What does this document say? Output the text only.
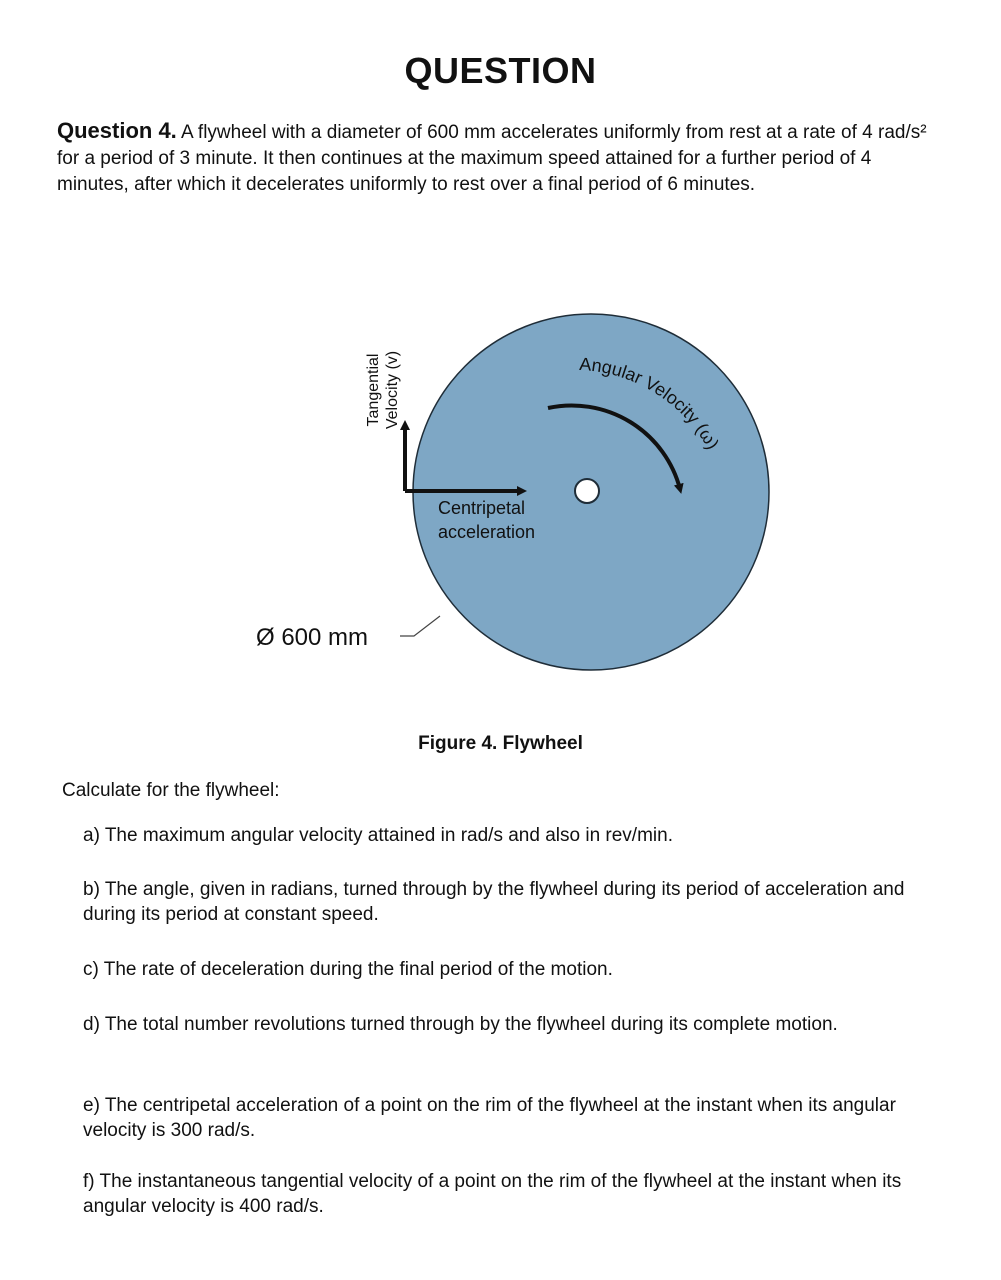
QUESTION
Question 4. A flywheel with a diameter of 600 mm accelerates uniformly from rest at a rate of 4 rad/s² for a period of 3 minute. It then continues at the maximum speed attained for a further period of 4 minutes, after which it decelerates uniformly to rest over a final period of 6 minutes.
Tangential Velocity (v)	Angular Velocity (ω)
Centripetal
acceleration
Ø 600 mm
Figure 4. Flywheel
Calculate for the flywheel:
a) The maximum angular velocity attained in rad/s and also in rev/min.
b) The angle, given in radians, turned through by the flywheel during its period of acceleration and during its period at constant speed.
c) The rate of deceleration during the final period of the motion.
d) The total number revolutions turned through by the flywheel during its complete motion.
e) The centripetal acceleration of a point on the rim of the flywheel at the instant when its angular velocity is 300 rad/s.
f) The instantaneous tangential velocity of a point on the rim of the flywheel at the instant when its angular velocity is 400 rad/s.
